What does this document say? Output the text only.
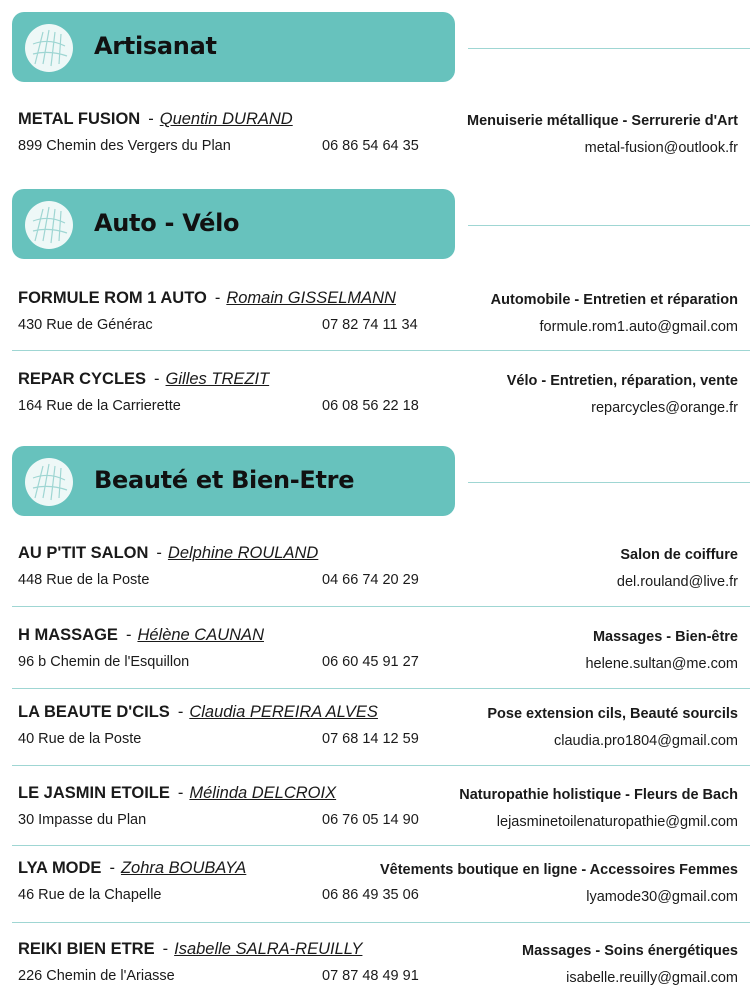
Artisanat
METAL FUSION - Quentin DURAND
899 Chemin des Vergers du Plan	06 86 54 64 35
Menuiserie métallique - Serrurerie d'Art
metal-fusion@outlook.fr
Auto - Vélo
FORMULE ROM 1 AUTO - Romain GISSELMANN
430 Rue de Générac	07 82 74 11 34
Automobile - Entretien et réparation
formule.rom1.auto@gmail.com
REPAR CYCLES - Gilles TREZIT
164 Rue de la Carrierette	06 08 56 22 18
Vélo - Entretien, réparation, vente
reparcycles@orange.fr
Beauté et Bien-Etre
AU P'TIT SALON - Delphine ROULAND
448 Rue de la Poste	04 66 74 20 29
Salon de coiffure
del.rouland@live.fr
H MASSAGE - Hélène CAUNAN
96 b Chemin de l'Esquillon	06 60 45 91 27
Massages - Bien-être
helene.sultan@me.com
LA BEAUTE D'CILS - Claudia PEREIRA ALVES
40 Rue de la Poste	07 68 14 12 59
Pose extension cils, Beauté sourcils
claudia.pro1804@gmail.com
LE JASMIN ETOILE - Mélinda DELCROIX
30 Impasse du Plan	06 76 05 14 90
Naturopathie holistique - Fleurs de Bach
lejasminetoilenaturopathie@gmil.com
LYA MODE - Zohra BOUBAYA
46 Rue de la Chapelle	06 86 49 35 06
Vêtements boutique en ligne - Accessoires Femmes
lyamode30@gmail.com
REIKI BIEN ETRE - Isabelle SALRA-REUILLY
226 Chemin de l'Ariasse	07 87 48 49 91
Massages - Soins énergétiques
isabelle.reuilly@gmail.com
